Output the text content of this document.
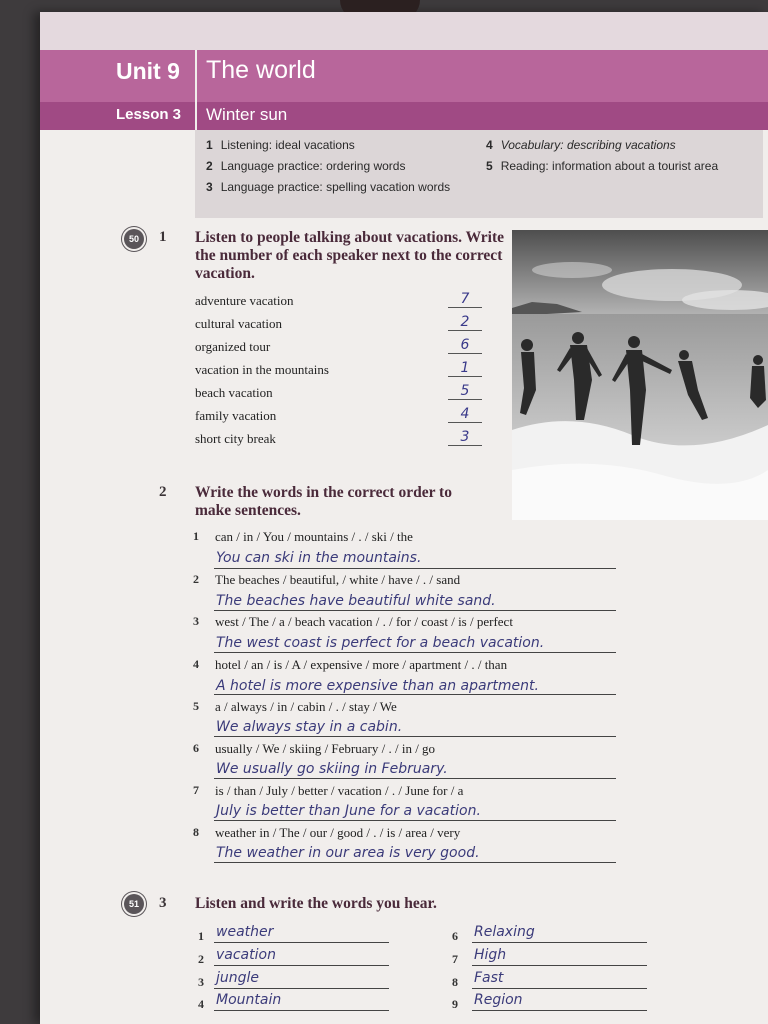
Unit 9 The world
Lesson 3 Winter sun
1 Listening: ideal vacations
2 Language practice: ordering words
3 Language practice: spelling vacation words
4 Vocabulary: describing vacations
5 Reading: information about a tourist area
50	1 Listen to people talking about vacations. Write the number of each speaker next to the correct vacation.
adventure vacation	7
cultural vacation	2
organized tour	6
vacation in the mountains	1
beach vacation	5
family vacation	4
short city break	3
2 Write the words in the correct order to make sentences.
1 can / in / You / mountains / . / ski / the
You can ski in the mountains.
2 The beaches / beautiful, / white / have / . / sand
The beaches have beautiful white sand.
3 west / The / a / beach vacation / . / for / coast / is / perfect
The west coast is perfect for a beach vacation.
4 hotel / an / is / A / expensive / more / apartment / . / than
A hotel is more expensive than an apartment.
5 a / always / in / cabin / . / stay / We
We always stay in a cabin.
6 usually / We / skiing / February / . / in / go
We usually go skiing in February.
7 is / than / July / better / vacation / . / June for / a
July is better than June for a vacation.
8 weather in / The / our / good / . / is / area / very
The weather in our area is very good.
51	3 Listen and write the words you hear.
1 weather
2 vacation
3 jungle
4 Mountain
6 Relaxing
7 High
8 Fast
9 Region
